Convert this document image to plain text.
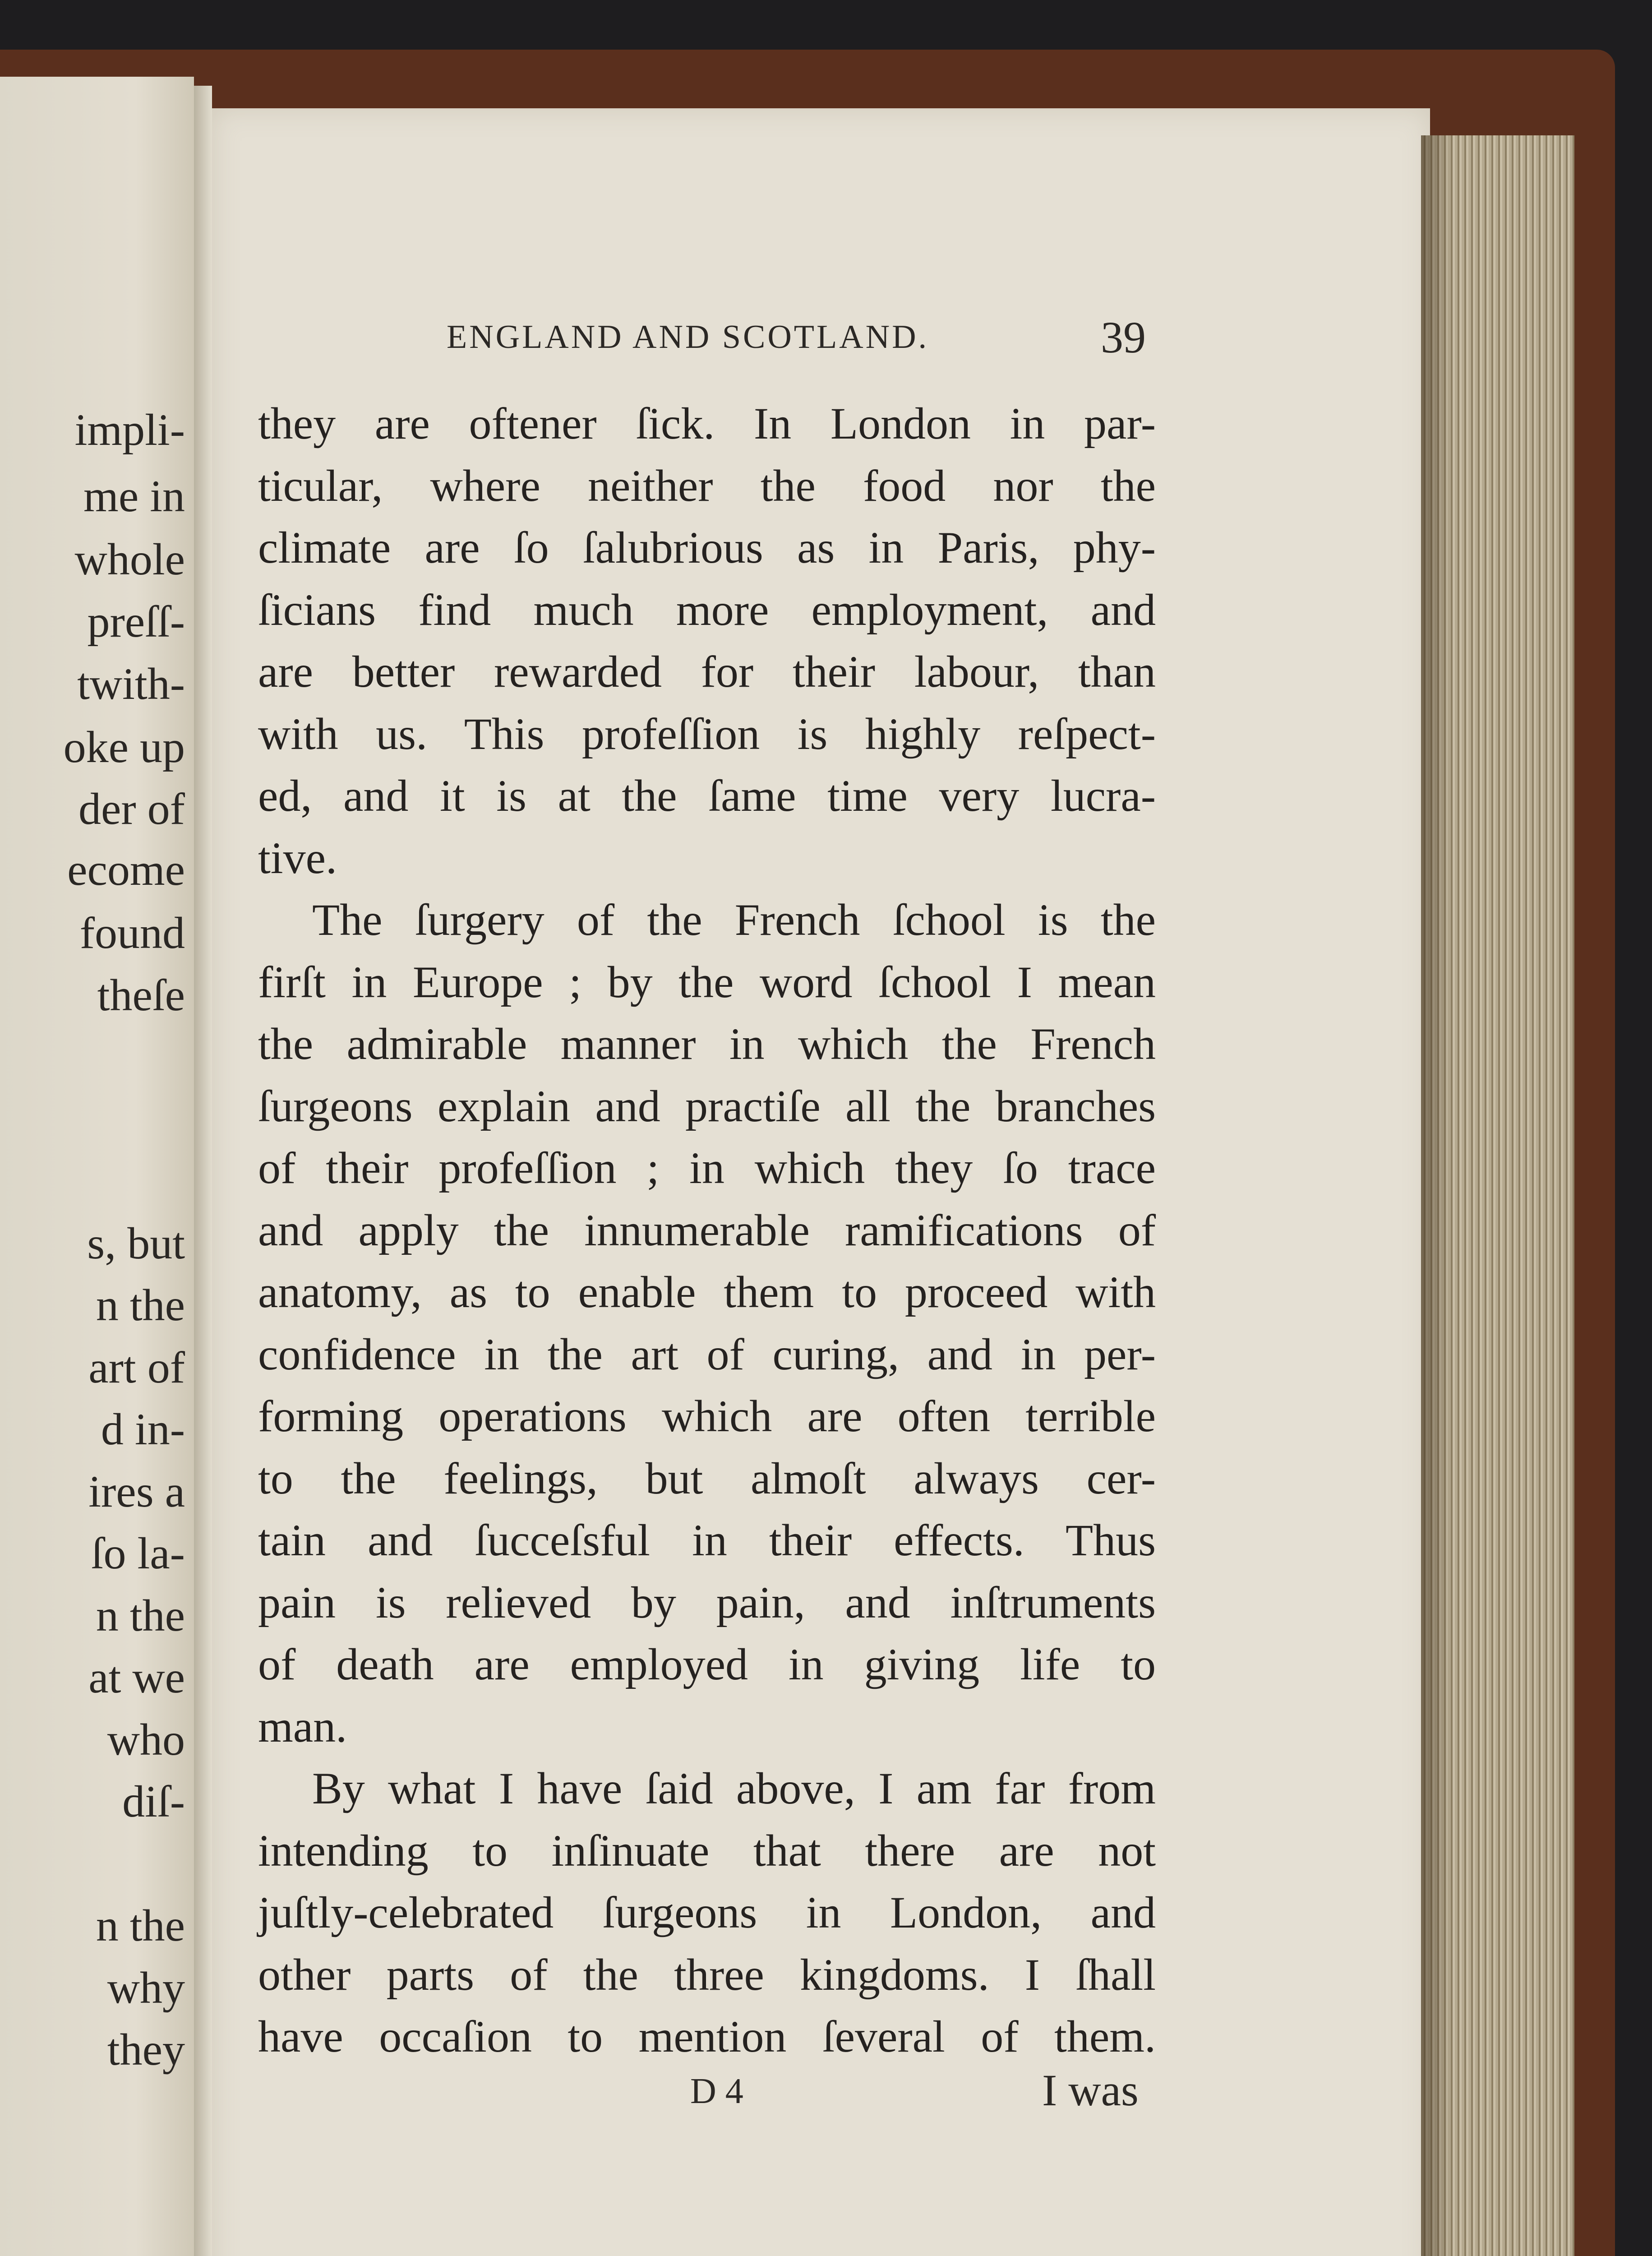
impli-
me in
whole
preſſ-
twith-
oke up
der of
ecome
found
theſe
s, but
n the
art of
d in-
ires a
ſo la-
n the
at we
who
diſ-
n the
why
they
ENGLAND AND SCOTLAND.	39
they are oftener ſick. In London in par-
ticular, where neither the food nor the
climate are ſo ſalubrious as in Paris, phy-
ſicians find much more employment, and
are better rewarded for their labour, than
with us. This profeſſion is highly reſpect-
ed, and it is at the ſame time very lucra-
tive.
The ſurgery of the French ſchool is the
firſt in Europe ; by the word ſchool I mean
the admirable manner in which the French
ſurgeons explain and practiſe all the branches
of their profeſſion ; in which they ſo trace
and apply the innumerable ramifications of
anatomy, as to enable them to proceed with
confidence in the art of curing, and in per-
forming operations which are often terrible
to the feelings, but almoſt always cer-
tain and ſucceſsful in their effects. Thus
pain is relieved by pain, and inſtruments
of death are employed in giving life to
man.
By what I have ſaid above, I am far from
intending to inſinuate that there are not
juſtly-celebrated ſurgeons in London, and
other parts of the three kingdoms. I ſhall
have occaſion to mention ſeveral of them.
D 4	I was
